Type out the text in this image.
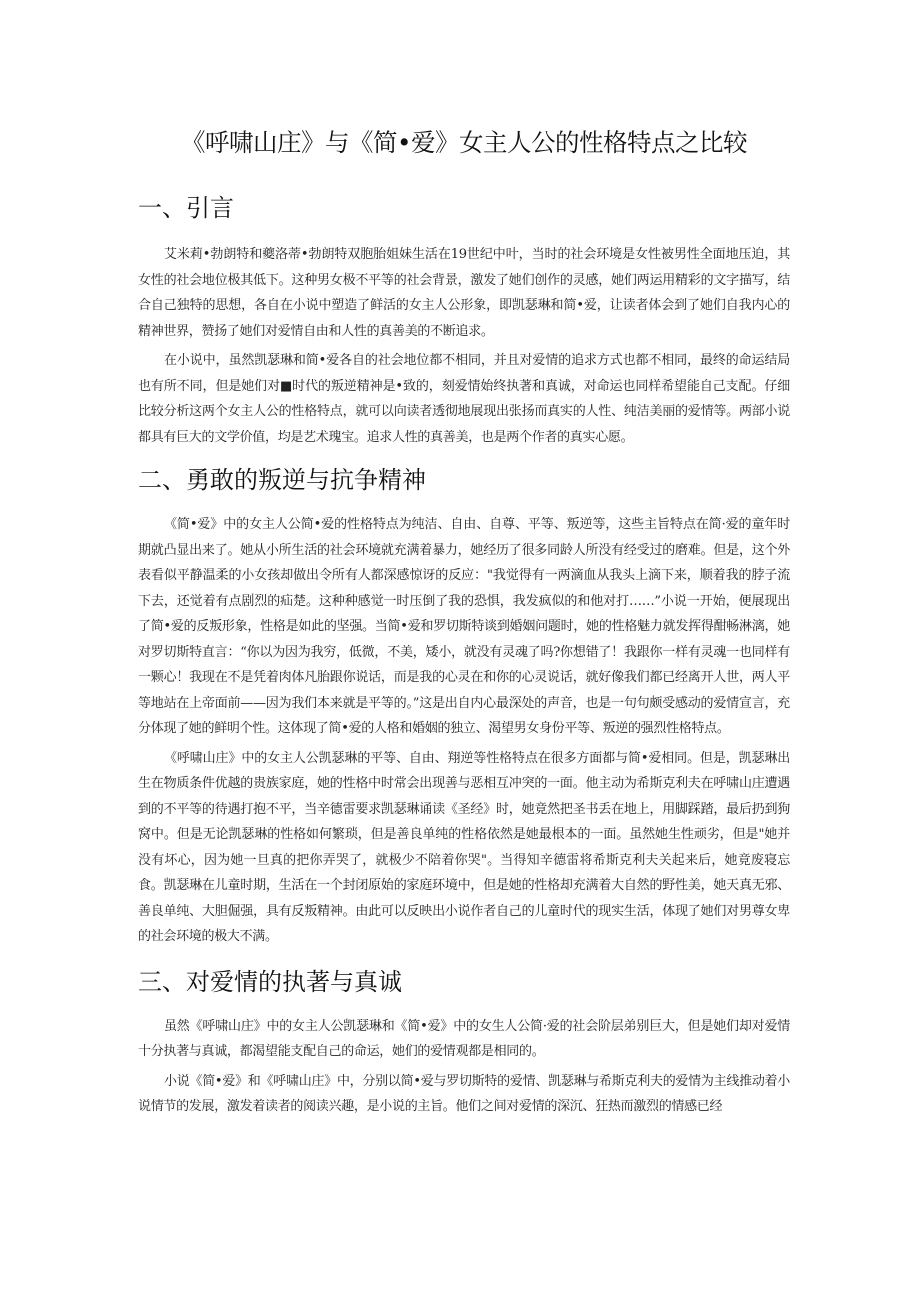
《呼啸山庄》与《简•爱》女主人公的性格特点之比较
一、引言

艾米莉•勃朗特和夔洛蒂•勃朗特双胞胎姐妹生活在19世纪中叶，当时的社会环境是女性被男性全面地压迫，其女性的社会地位极其低下。这种男女极不平等的社会背景，激发了她们创作的灵感，她们两运用精彩的文字描写，结合自己独特的思想，各自在小说中塑造了鲜活的女主人公形象，即凯瑟琳和简•爱，让读者体会到了她们自我内心的精神世界，赞扬了她们对爱情自由和人性的真善美的不断追求。

在小说中，虽然凯瑟琳和简•爱各自的社会地位都不相同，并且对爱情的追求方式也都不相同，最终的命运结局也有所不同，但是她们对■时代的叛逆精神是•致的，刻爱情始终执著和真诚，对命运也同样希望能自己支配。仔细比较分析这两个女主人公的性格特点，就可以向读者透彻地展现出张扬而真实的人性、纯洁美丽的爱情等。两部小说都具有巨大的文学价值，均是艺术瑰宝。追求人性的真善美，也是两个作者的真实心愿。

二、勇敢的叛逆与抗争精神

《简•爱》中的女主人公简•爱的性格特点为纯洁、自由、自尊、平等、叛逆等，这些主旨特点在简·爱的童年时期就凸显出来了。她从小所生活的社会环境就充满着暴力，她经历了很多同龄人所没有经受过的磨难。但是，这个外表看似平静温柔的小女孩却做出令所有人都深感惊讶的反应："我觉得有一两滴血从我头上滴下来，顺着我的脖子流下去，还觉着有点剧烈的疝楚。这种种感觉一时压倒了我的恐惧，我发疯似的和他对打……”小说一开始，便展现出了简•爱的反叛形象，性格是如此的坚强。当简•爱和罗切斯特谈到婚姻问题时，她的性格魅力就发挥得酣畅淋漓，她对罗切斯特直言：“你以为因为我穷，低微，不美，矮小，就没有灵魂了吗?你想错了！我跟你一样有灵魂一也同样有一颗心！我现在不是凭着肉体凡胎跟你说话，而是我的心灵在和你的心灵说话，就好像我们都已经离开人世，两人平等地站在上帝面前——因为我们本来就是平等的。”这是出自内心最深处的声音，也是一句句颇受感动的爱情宣言，充分体现了她的鲜明个性。这体现了简•爱的人格和婚姻的独立、渴望男女身份平等、叛逆的强烈性格特点。

《呼啸山庄》中的女主人公凯瑟琳的平等、自由、翔逆等性格特点在很多方面都与简•爱相同。但是，凯瑟琳出生在物质条件优越的贵族家庭，她的性格中时常会出现善与恶相互冲突的一面。他主动为希斯克利夫在呼啸山庄遭遇到的不平等的待遇打抱不平，当辛德雷要求凯瑟琳诵读《圣经》时，她竟然把圣书丢在地上，用脚踩踏，最后扔到狗窝中。但是无论凯瑟琳的性格如何繁琐，但是善良单纯的性格依然是她最根本的一面。虽然她生性顽劣，但是"她并没有坏心，因为她一旦真的把你弄哭了，就极少不陪着你哭"。当得知辛德雷将希斯克利夫关起来后，她竟废寝忘食。凯瑟琳在儿童时期，生活在一个封闭原始的家庭环境中，但是她的性格却充满着大自然的野性美，她天真无邪、善良单纯、大胆倔强，具有反叛精神。由此可以反映出小说作者自己的儿童时代的现实生活，体现了她们对男尊女卑的社会环境的极大不满。

三、对爱情的执著与真诚

虽然《呼啸山庄》中的女主人公凯瑟琳和《简•爱》中的女生人公简·爱的社会阶层弟别巨大，但是她们却对爱情十分执著与真诚，都渴望能支配自己的命运，她们的爱情观都是相同的。

小说《简•爱》和《呼啸山庄》中，分别以简•爱与罗切斯特的爱情、凯瑟琳与希斯克利夫的爱情为主线推动着小说情节的发展，激发着读者的阅读兴趣，是小说的主旨。他们之间对爱情的深沉、狂热而激烈的情感已经
